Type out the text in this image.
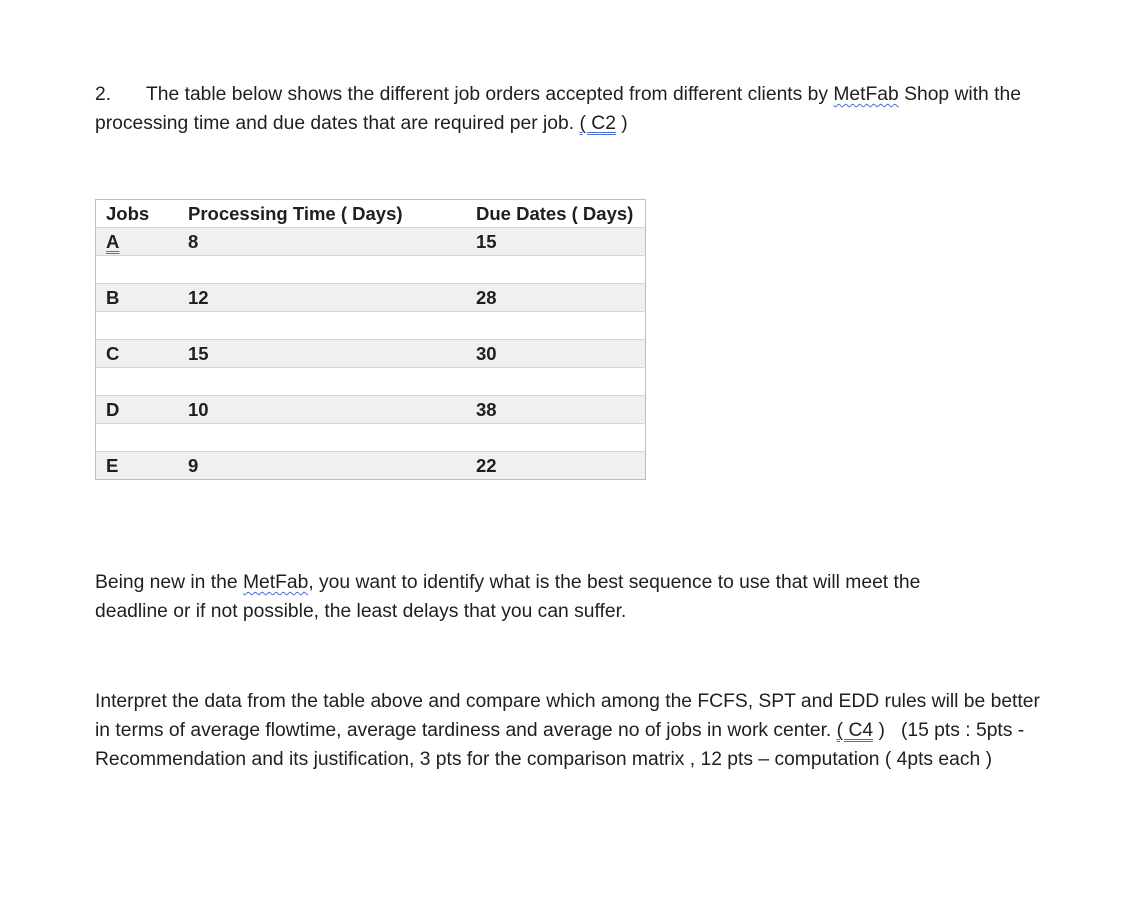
2. The table below shows the different job orders accepted from different clients by MetFab Shop with the processing time and due dates that are required per job. ( C2 )

Jobs	Processing Time ( Days)	Due Dates ( Days)
A	8	15

B	12	28

C	15	30

D	10	38

E	9	22

Being new in the MetFab, you want to identify what is the best sequence to use that will meet the deadline or if not possible, the least delays that you can suffer.

Interpret the data from the table above and compare which among the FCFS, SPT and EDD rules will be better in terms of average flowtime, average tardiness and average no of jobs in work center. ( C4 ) (15 pts : 5pts - Recommendation and its justification, 3 pts for the comparison matrix , 12 pts – computation ( 4pts each )
